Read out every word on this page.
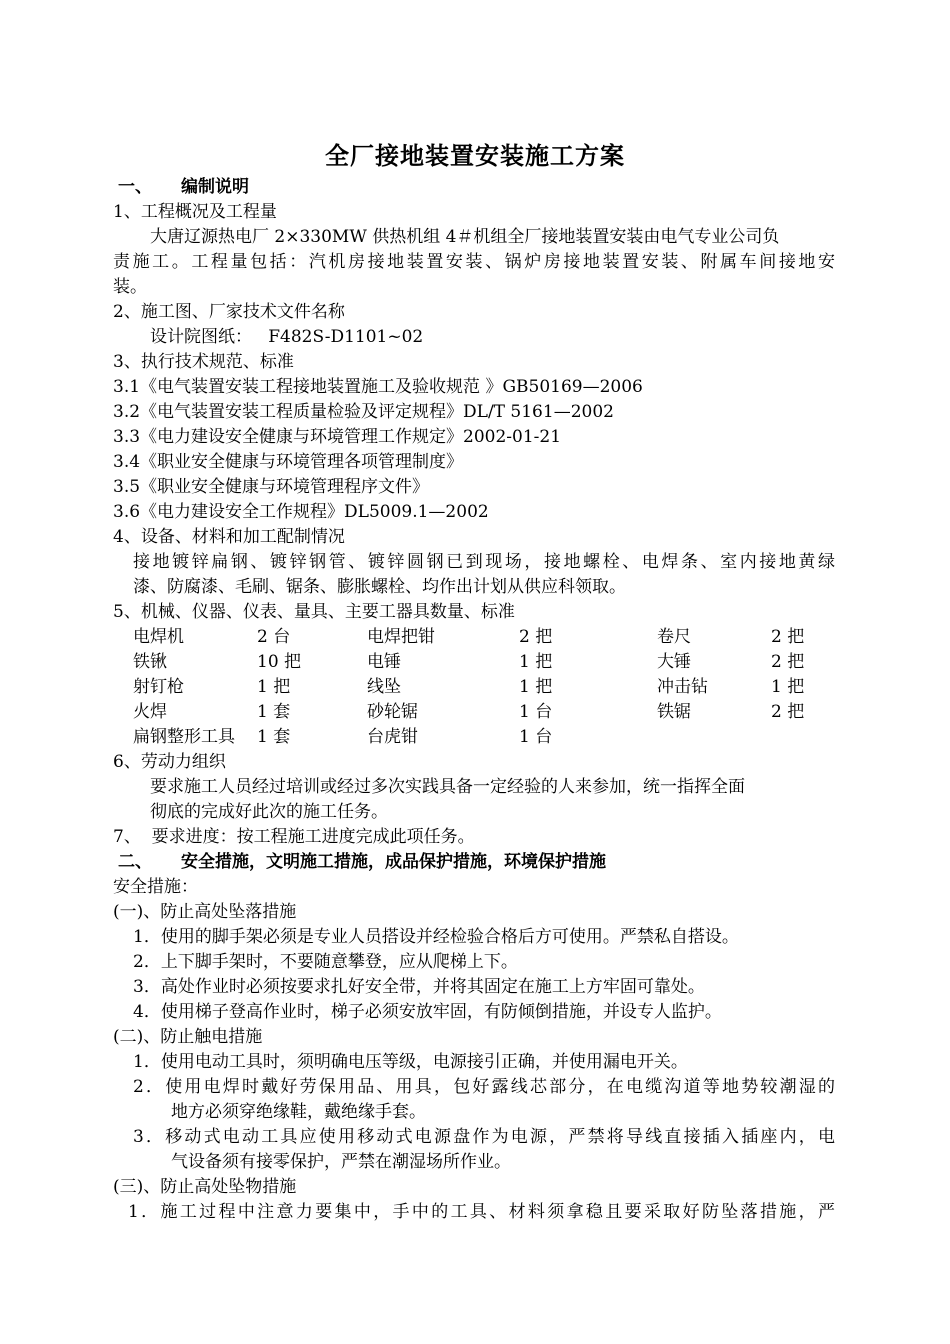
全厂接地装置安装施工方案
一、 编制说明
1、工程概况及工程量
大唐辽源热电厂 2×330MW 供热机组 4＃机组全厂接地装置安装由电气专业公司负
责施工。工程量包括：汽机房接地装置安装、锅炉房接地装置安装、附属车间接地安
装。
2、施工图、厂家技术文件名称
设计院图纸：   F482S-D1101~02
3、执行技术规范、标准
3.1《电气装置安装工程接地装置施工及验收规范 》GB50169—2006
3.2《电气装置安装工程质量检验及评定规程》DL/T 5161—2002
3.3《电力建设安全健康与环境管理工作规定》2002-01-21
3.4《职业安全健康与环境管理各项管理制度》
3.5《职业安全健康与环境管理程序文件》
3.6《电力建设安全工作规程》DL5009.1—2002
4、设备、材料和加工配制情况
接地镀锌扁钢、镀锌钢管、镀锌圆钢已到现场，接地螺栓、电焊条、室内接地黄绿
漆、防腐漆、毛刷、锯条、膨胀螺栓、均作出计划从供应科领取。
5、机械、仪器、仪表、量具、主要工器具数量、标准
电焊机	2 台	电焊把钳	2 把	卷尺	2 把
铁锹	10 把	电锤	1 把	大锤	2 把
射钉枪	1 把	线坠	1 把	冲击钻	1 把
火焊	1 套	砂轮锯	1 台	铁锯	2 把
扁钢整形工具 1 套	台虎钳	1 台
6、劳动力组织
要求施工人员经过培训或经过多次实践具备一定经验的人来参加，统一指挥全面
彻底的完成好此次的施工任务。
7、  要求进度：按工程施工进度完成此项任务。
二、 安全措施，文明施工措施，成品保护措施，环境保护措施
安全措施：
(一)、防止高处坠落措施
1．使用的脚手架必须是专业人员搭设并经检验合格后方可使用。严禁私自搭设。
2．上下脚手架时，不要随意攀登，应从爬梯上下。
3．高处作业时必须按要求扎好安全带，并将其固定在施工上方牢固可靠处。
4．使用梯子登高作业时，梯子必须安放牢固，有防倾倒措施，并设专人监护。
(二)、防止触电措施
1．使用电动工具时，须明确电压等级，电源接引正确，并使用漏电开关。
2．使用电焊时戴好劳保用品、用具，包好露线芯部分，在电缆沟道等地势较潮湿的
地方必须穿绝缘鞋，戴绝缘手套。
3．移动式电动工具应使用移动式电源盘作为电源，严禁将导线直接插入插座内，电
气设备须有接零保护，严禁在潮湿场所作业。
(三)、防止高处坠物措施
1．施工过程中注意力要集中，手中的工具、材料须拿稳且要采取好防坠落措施，严
